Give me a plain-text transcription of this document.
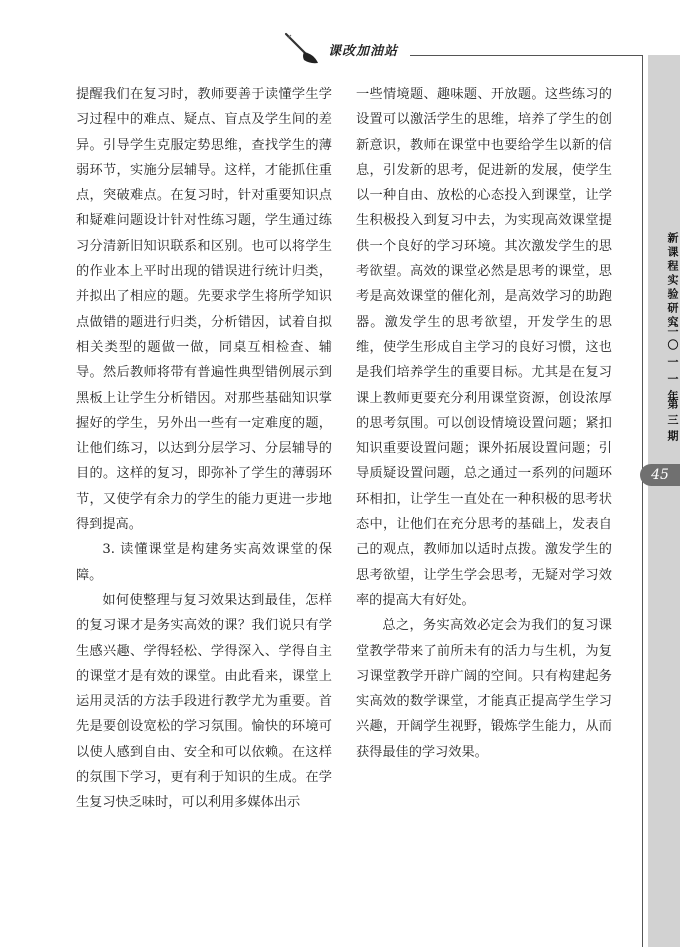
课改加油站
新课程实验研究
二〇一一年
第三期
45

提醒我们在复习时，教师要善于读懂学生学习过程中的难点、疑点、盲点及学生间的差异。引导学生克服定势思维，查找学生的薄弱环节，实施分层辅导。这样，才能抓住重点，突破难点。在复习时，针对重要知识点和疑难问题设计针对性练习题，学生通过练习分清新旧知识联系和区别。也可以将学生的作业本上平时出现的错误进行统计归类，并拟出了相应的题。先要求学生将所学知识点做错的题进行归类，分析错因，试着自拟相关类型的题做一做，同桌互相检查、辅导。然后教师将带有普遍性典型错例展示到黑板上让学生分析错因。对那些基础知识掌握好的学生，另外出一些有一定难度的题，让他们练习，以达到分层学习、分层辅导的目的。这样的复习，即弥补了学生的薄弱环节，又使学有余力的学生的能力更进一步地得到提高。

3. 读懂课堂是构建务实高效课堂的保障。

如何使整理与复习效果达到最佳，怎样的复习课才是务实高效的课？我们说只有学生感兴趣、学得轻松、学得深入、学得自主的课堂才是有效的课堂。由此看来，课堂上运用灵活的方法手段进行教学尤为重要。首先是要创设宽松的学习氛围。愉快的环境可以使人感到自由、安全和可以依赖。在这样的氛围下学习，更有利于知识的生成。在学生复习快乏味时，可以利用多媒体出示

一些情境题、趣味题、开放题。这些练习的设置可以激活学生的思维，培养了学生的创新意识，教师在课堂中也要给学生以新的信息，引发新的思考，促进新的发展，使学生以一种自由、放松的心态投入到课堂，让学生积极投入到复习中去，为实现高效课堂提供一个良好的学习环境。其次激发学生的思考欲望。高效的课堂必然是思考的课堂，思考是高效课堂的催化剂，是高效学习的助跑器。激发学生的思考欲望，开发学生的思维，使学生形成自主学习的良好习惯，这也是我们培养学生的重要目标。尤其是在复习课上教师更要充分利用课堂资源，创设浓厚的思考氛围。可以创设情境设置问题；紧扣知识重要设置问题；课外拓展设置问题；引导质疑设置问题，总之通过一系列的问题环环相扣，让学生一直处在一种积极的思考状态中，让他们在充分思考的基础上，发表自己的观点，教师加以适时点拨。激发学生的思考欲望，让学生学会思考，无疑对学习效率的提高大有好处。

总之，务实高效必定会为我们的复习课堂教学带来了前所未有的活力与生机，为复习课堂教学开辟广阔的空间。只有构建起务实高效的数学课堂，才能真正提高学生学习兴趣，开阔学生视野，锻炼学生能力，从而获得最佳的学习效果。
